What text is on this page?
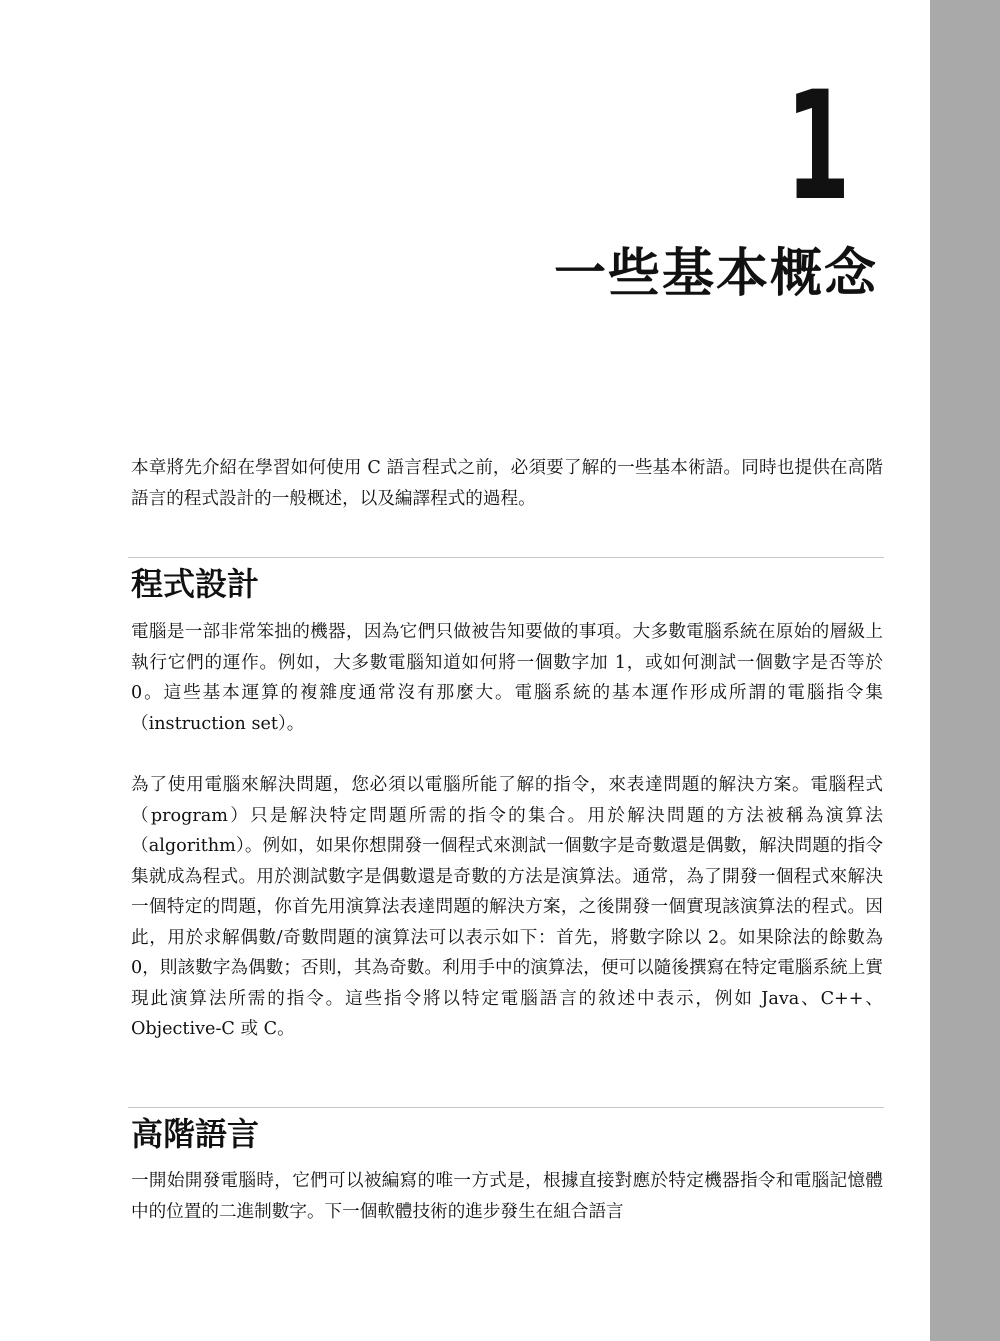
1
一些基本概念

本章將先介紹在學習如何使用 C 語言程式之前，必須要了解的一些基本術語。同時也提供在高階語言的程式設計的一般概述，以及編譯程式的過程。

程式設計

電腦是一部非常笨拙的機器，因為它們只做被告知要做的事項。大多數電腦系統在原始的層級上執行它們的運作。例如，大多數電腦知道如何將一個數字加 1，或如何測試一個數字是否等於 0。這些基本運算的複雜度通常沒有那麼大。電腦系統的基本運作形成所謂的電腦指令集（instruction set）。

為了使用電腦來解決問題，您必須以電腦所能了解的指令，來表達問題的解決方案。電腦程式（program）只是解決特定問題所需的指令的集合。用於解決問題的方法被稱為演算法（algorithm）。例如，如果你想開發一個程式來測試一個數字是奇數還是偶數，解決問題的指令集就成為程式。用於測試數字是偶數還是奇數的方法是演算法。通常，為了開發一個程式來解決一個特定的問題，你首先用演算法表達問題的解決方案，之後開發一個實現該演算法的程式。因此，用於求解偶數/奇數問題的演算法可以表示如下：首先，將數字除以 2。如果除法的餘數為 0，則該數字為偶數；否則，其為奇數。利用手中的演算法，便可以隨後撰寫在特定電腦系統上實現此演算法所需的指令。這些指令將以特定電腦語言的敘述中表示，例如 Java、C++、Objective-C 或 C。

高階語言

一開始開發電腦時，它們可以被編寫的唯一方式是，根據直接對應於特定機器指令和電腦記憶體中的位置的二進制數字。下一個軟體技術的進步發生在組合語言
